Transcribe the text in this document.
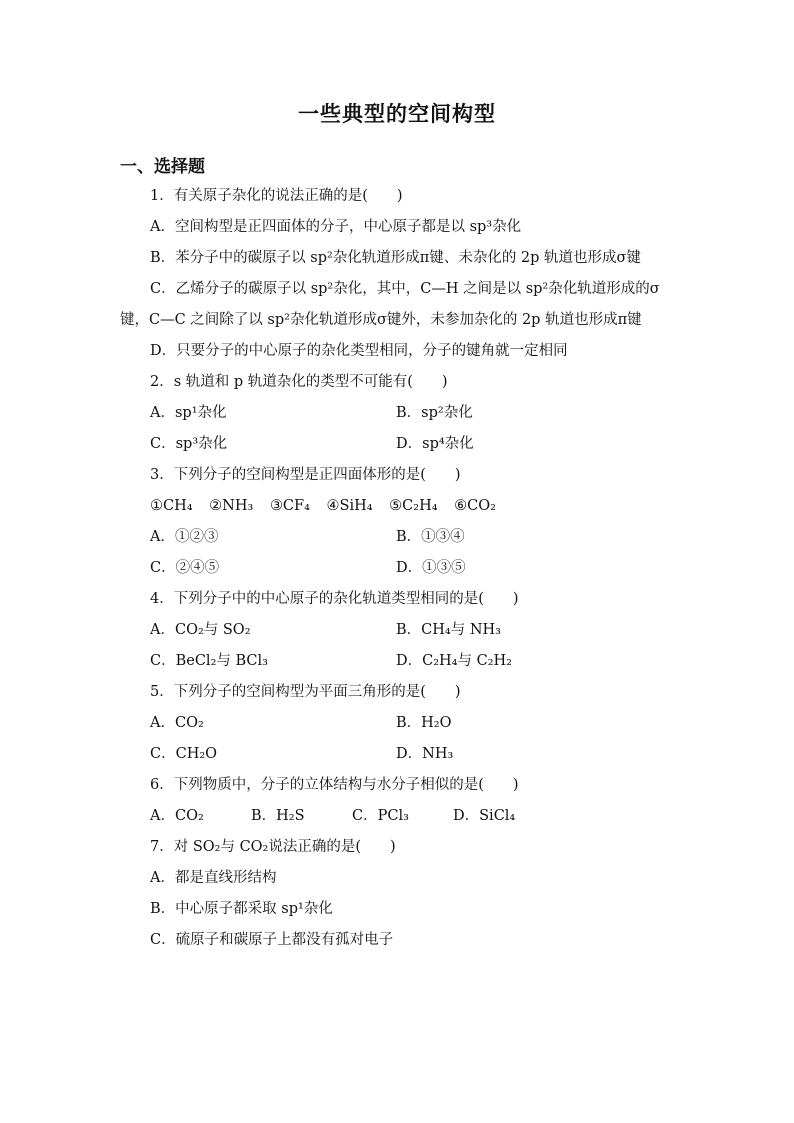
一些典型的空间构型
一、选择题
1．有关原子杂化的说法正确的是(　　)
A．空间构型是正四面体的分子，中心原子都是以 sp³杂化
B．苯分子中的碳原子以 sp²杂化轨道形成π键、未杂化的 2p 轨道也形成σ键
C．乙烯分子的碳原子以 sp²杂化，其中，C—H 之间是以 sp²杂化轨道形成的σ键，C—C 之间除了以 sp²杂化轨道形成σ键外，未参加杂化的 2p 轨道也形成π键
D．只要分子的中心原子的杂化类型相同，分子的键角就一定相同
2．s 轨道和 p 轨道杂化的类型不可能有(　　)
A．sp¹杂化	B．sp²杂化
C．sp³杂化	D．sp⁴杂化
3．下列分子的空间构型是正四面体形的是(　　)
①CH₄ ②NH₃ ③CF₄ ④SiH₄ ⑤C₂H₄ ⑥CO₂
A．①②③	B．①③④
C．②④⑤	D．①③⑤
4．下列分子中的中心原子的杂化轨道类型相同的是(　　)
A．CO₂与 SO₂	B．CH₄与 NH₃
C．BeCl₂与 BCl₃	D．C₂H₄与 C₂H₂
5．下列分子的空间构型为平面三角形的是(　　)
A．CO₂	B．H₂O
C．CH₂O	D．NH₃
6．下列物质中，分子的立体结构与水分子相似的是(　　)
A．CO₂	B．H₂S	C．PCl₃	D．SiCl₄
7．对 SO₂与 CO₂说法正确的是(　　)
A．都是直线形结构
B．中心原子都采取 sp¹杂化
C．硫原子和碳原子上都没有孤对电子
